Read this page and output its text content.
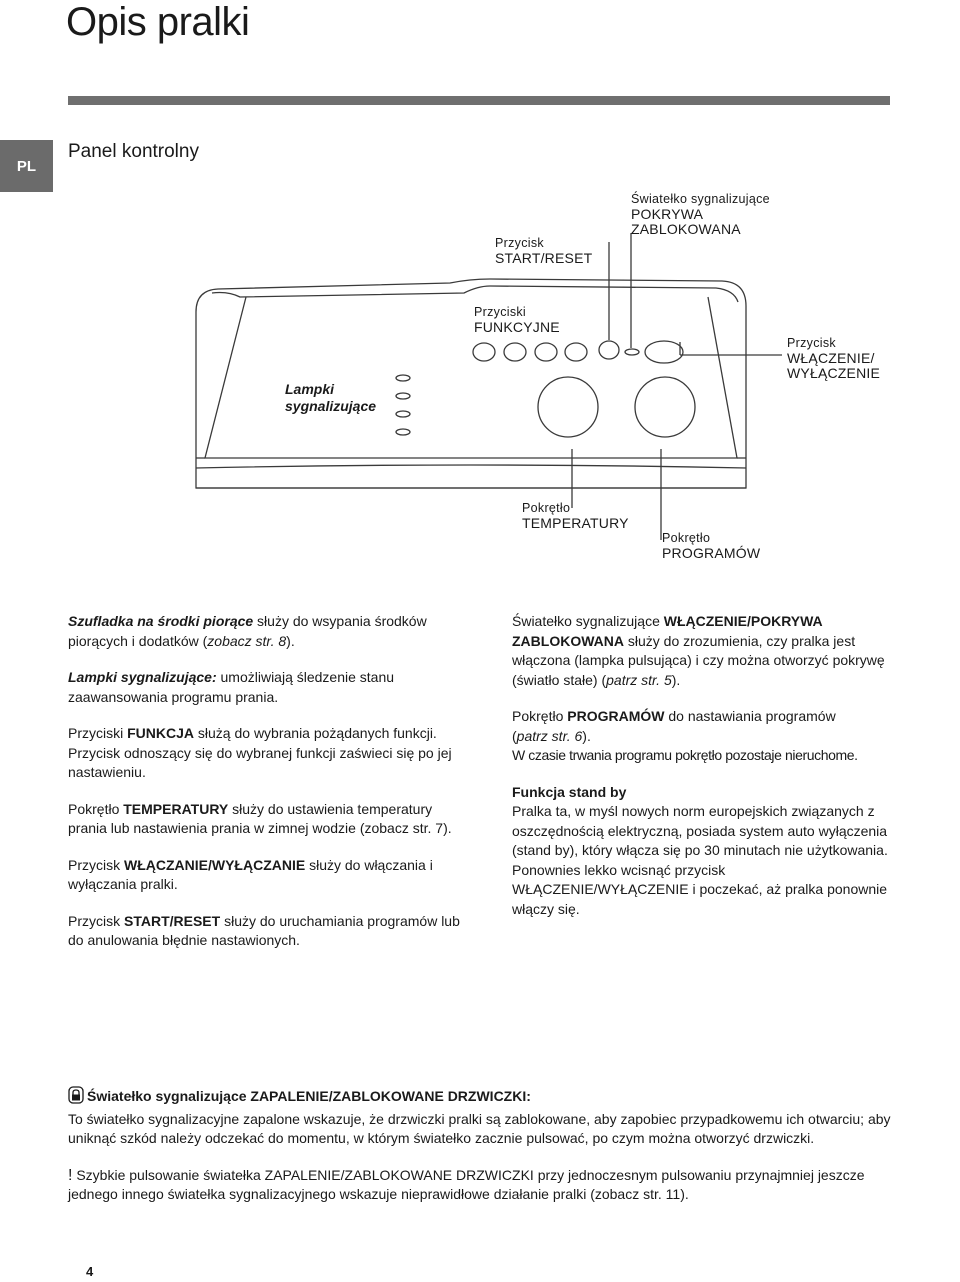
Opis pralki
PL
Panel kontrolny
Przycisk
START/RESET
Światełko sygnalizujące
POKRYWA
ZABLOKOWANA
Przyciski
FUNKCYJNE
Przycisk
WŁĄCZENIE/
WYŁĄCZENIE
Lampki
sygnalizujące
Pokrętło
TEMPERATURY
Pokrętło
PROGRAMÓW

Szufladka na środki piorące służy do wsypania środków piorących i dodatków (zobacz str. 8).

Lampki sygnalizujące: umożliwiają śledzenie stanu zaawansowania programu prania.

Przyciski FUNKCJA służą do wybrania pożądanych funkcji. Przycisk odnoszący się do wybranej funkcji zaświeci się po jej nastawieniu.

Pokrętło TEMPERATURY służy do ustawienia temperatury prania lub nastawienia prania w zimnej wodzie (zobacz str. 7).

Przycisk WŁĄCZANIE/WYŁĄCZANIE służy do włączania i wyłączania pralki.

Przycisk START/RESET służy do uruchamiania programów lub do anulowania błędnie nastawionych.

Światełko sygnalizujące WŁĄCZENIE/POKRYWA ZABLOKOWANA służy do zrozumienia, czy pralka jest włączona (lampka pulsująca) i czy można otworzyć pokrywę (światło stałe) (patrz str. 5).

Pokrętło PROGRAMÓW do nastawiania programów
(patrz str. 6).
W czasie trwania programu pokrętło pozostaje nieruchome.

Funkcja stand by
Pralka ta, w myśl nowych norm europejskich związanych z oszczędnością elektryczną, posiada system auto wyłączenia (stand by), który włącza się po 30 minutach nie użytkowania. Ponownies lekko wcisnąć przycisk WŁĄCZENIE/WYŁĄCZENIE i poczekać, aż pralka ponownie włączy się.

Światełko sygnalizujące ZAPALENIE/ZABLOKOWANE DRZWICZKI:

To światełko sygnalizacyjne zapalone wskazuje, że drzwiczki pralki są zablokowane, aby zapobiec przypadkowemu ich otwarciu; aby uniknąć szkód należy odczekać do momentu, w którym światełko zacznie pulsować, po czym można otworzyć drzwiczki.

! Szybkie pulsowanie światełka ZAPALENIE/ZABLOKOWANE DRZWICZKI przy jednoczesnym pulsowaniu przynajmniej jeszcze jednego innego światełka sygnalizacyjnego wskazuje nieprawidłowe działanie pralki (zobacz str. 11).

4
